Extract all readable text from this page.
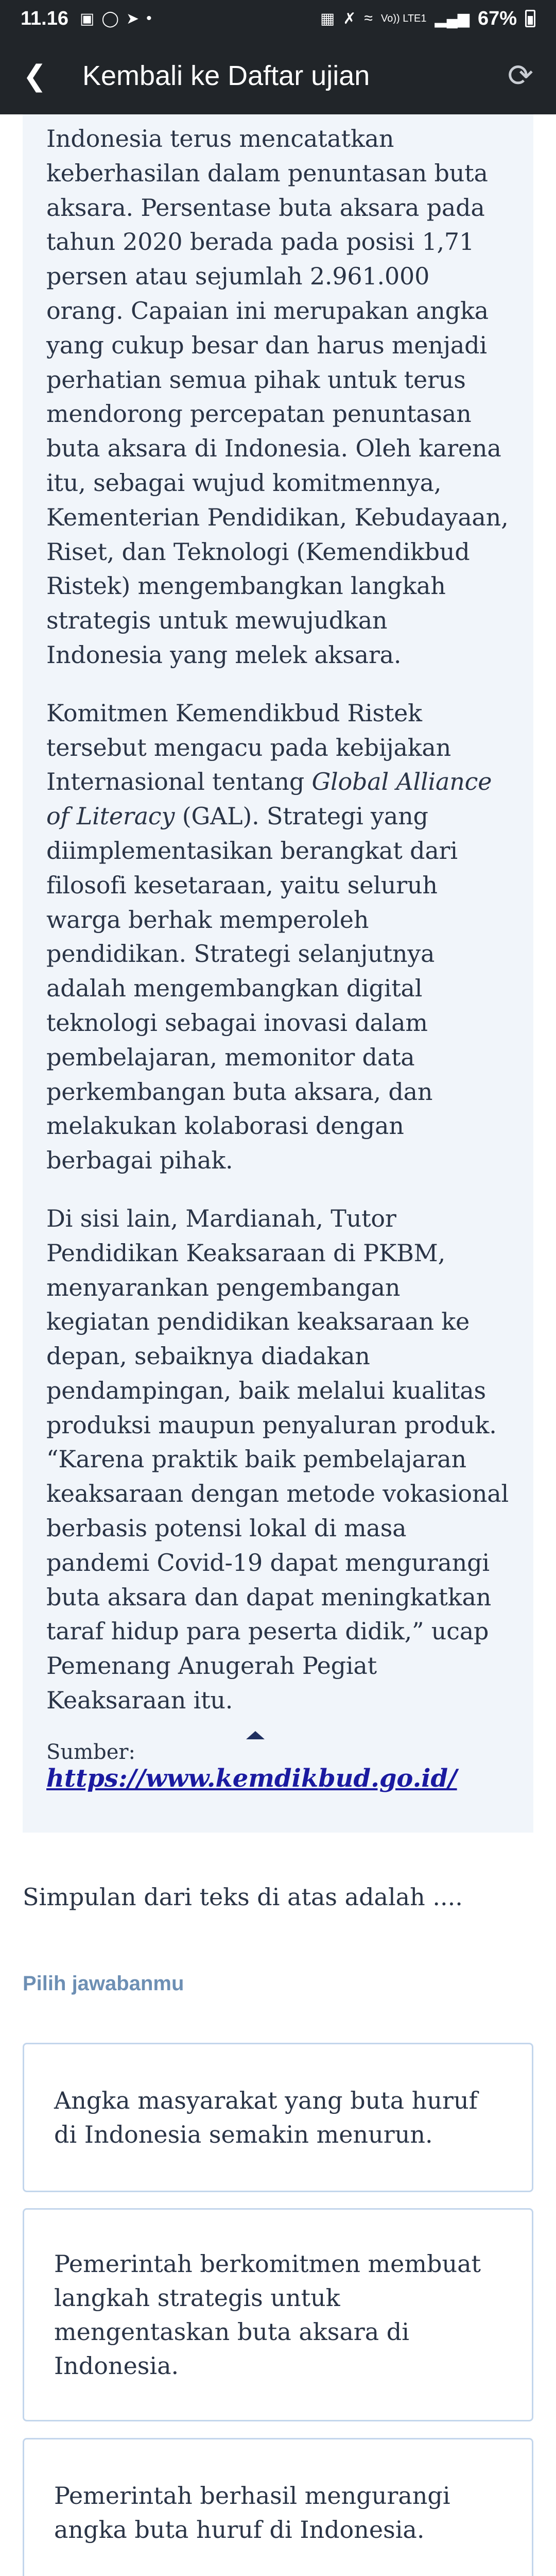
11.16 ▣ ◯ ➤ •	▦ ✗ ≈ Vo)) LTE1 ▂▄▆ 67%
❮	Kembali ke Daftar ujian	⟳

Indonesia terus mencatatkan keberhasilan dalam penuntasan buta aksara. Persentase buta aksara pada tahun 2020 berada pada posisi 1,71 persen atau sejumlah 2.961.000 orang. Capaian ini merupakan angka yang cukup besar dan harus menjadi perhatian semua pihak untuk terus mendorong percepatan penuntasan buta aksara di Indonesia. Oleh karena itu, sebagai wujud komitmennya, Kementerian Pendidikan, Kebudayaan, Riset, dan Teknologi (Kemendikbud Ristek) mengembangkan langkah strategis untuk mewujudkan Indonesia yang melek aksara.

Komitmen Kemendikbud Ristek tersebut mengacu pada kebijakan Internasional tentang Global Alliance of Literacy (GAL). Strategi yang diimplementasikan berangkat dari filosofi kesetaraan, yaitu seluruh warga berhak memperoleh pendidikan. Strategi selanjutnya adalah mengembangkan digital teknologi sebagai inovasi dalam pembelajaran, memonitor data perkembangan buta aksara, dan melakukan kolaborasi dengan berbagai pihak.

Di sisi lain, Mardianah, Tutor Pendidikan Keaksaraan di PKBM, menyarankan pengembangan kegiatan pendidikan keaksaraan ke depan, sebaiknya diadakan pendampingan, baik melalui kualitas produksi maupun penyaluran produk. “Karena praktik baik pembelajaran keaksaraan dengan metode vokasional berbasis potensi lokal di masa pandemi Covid-19 dapat mengurangi buta aksara dan dapat meningkatkan taraf hidup para peserta didik,” ucap Pemenang Anugerah Pegiat Keaksaraan itu.

Sumber: https://www.kemdikbud.go.id/
Simpulan dari teks di atas adalah ....
Pilih jawabanmu
Angka masyarakat yang buta huruf di Indonesia semakin menurun.
Pemerintah berkomitmen membuat langkah strategis untuk mengentaskan buta aksara di Indonesia.
Pemerintah berhasil mengurangi angka buta huruf di Indonesia.
